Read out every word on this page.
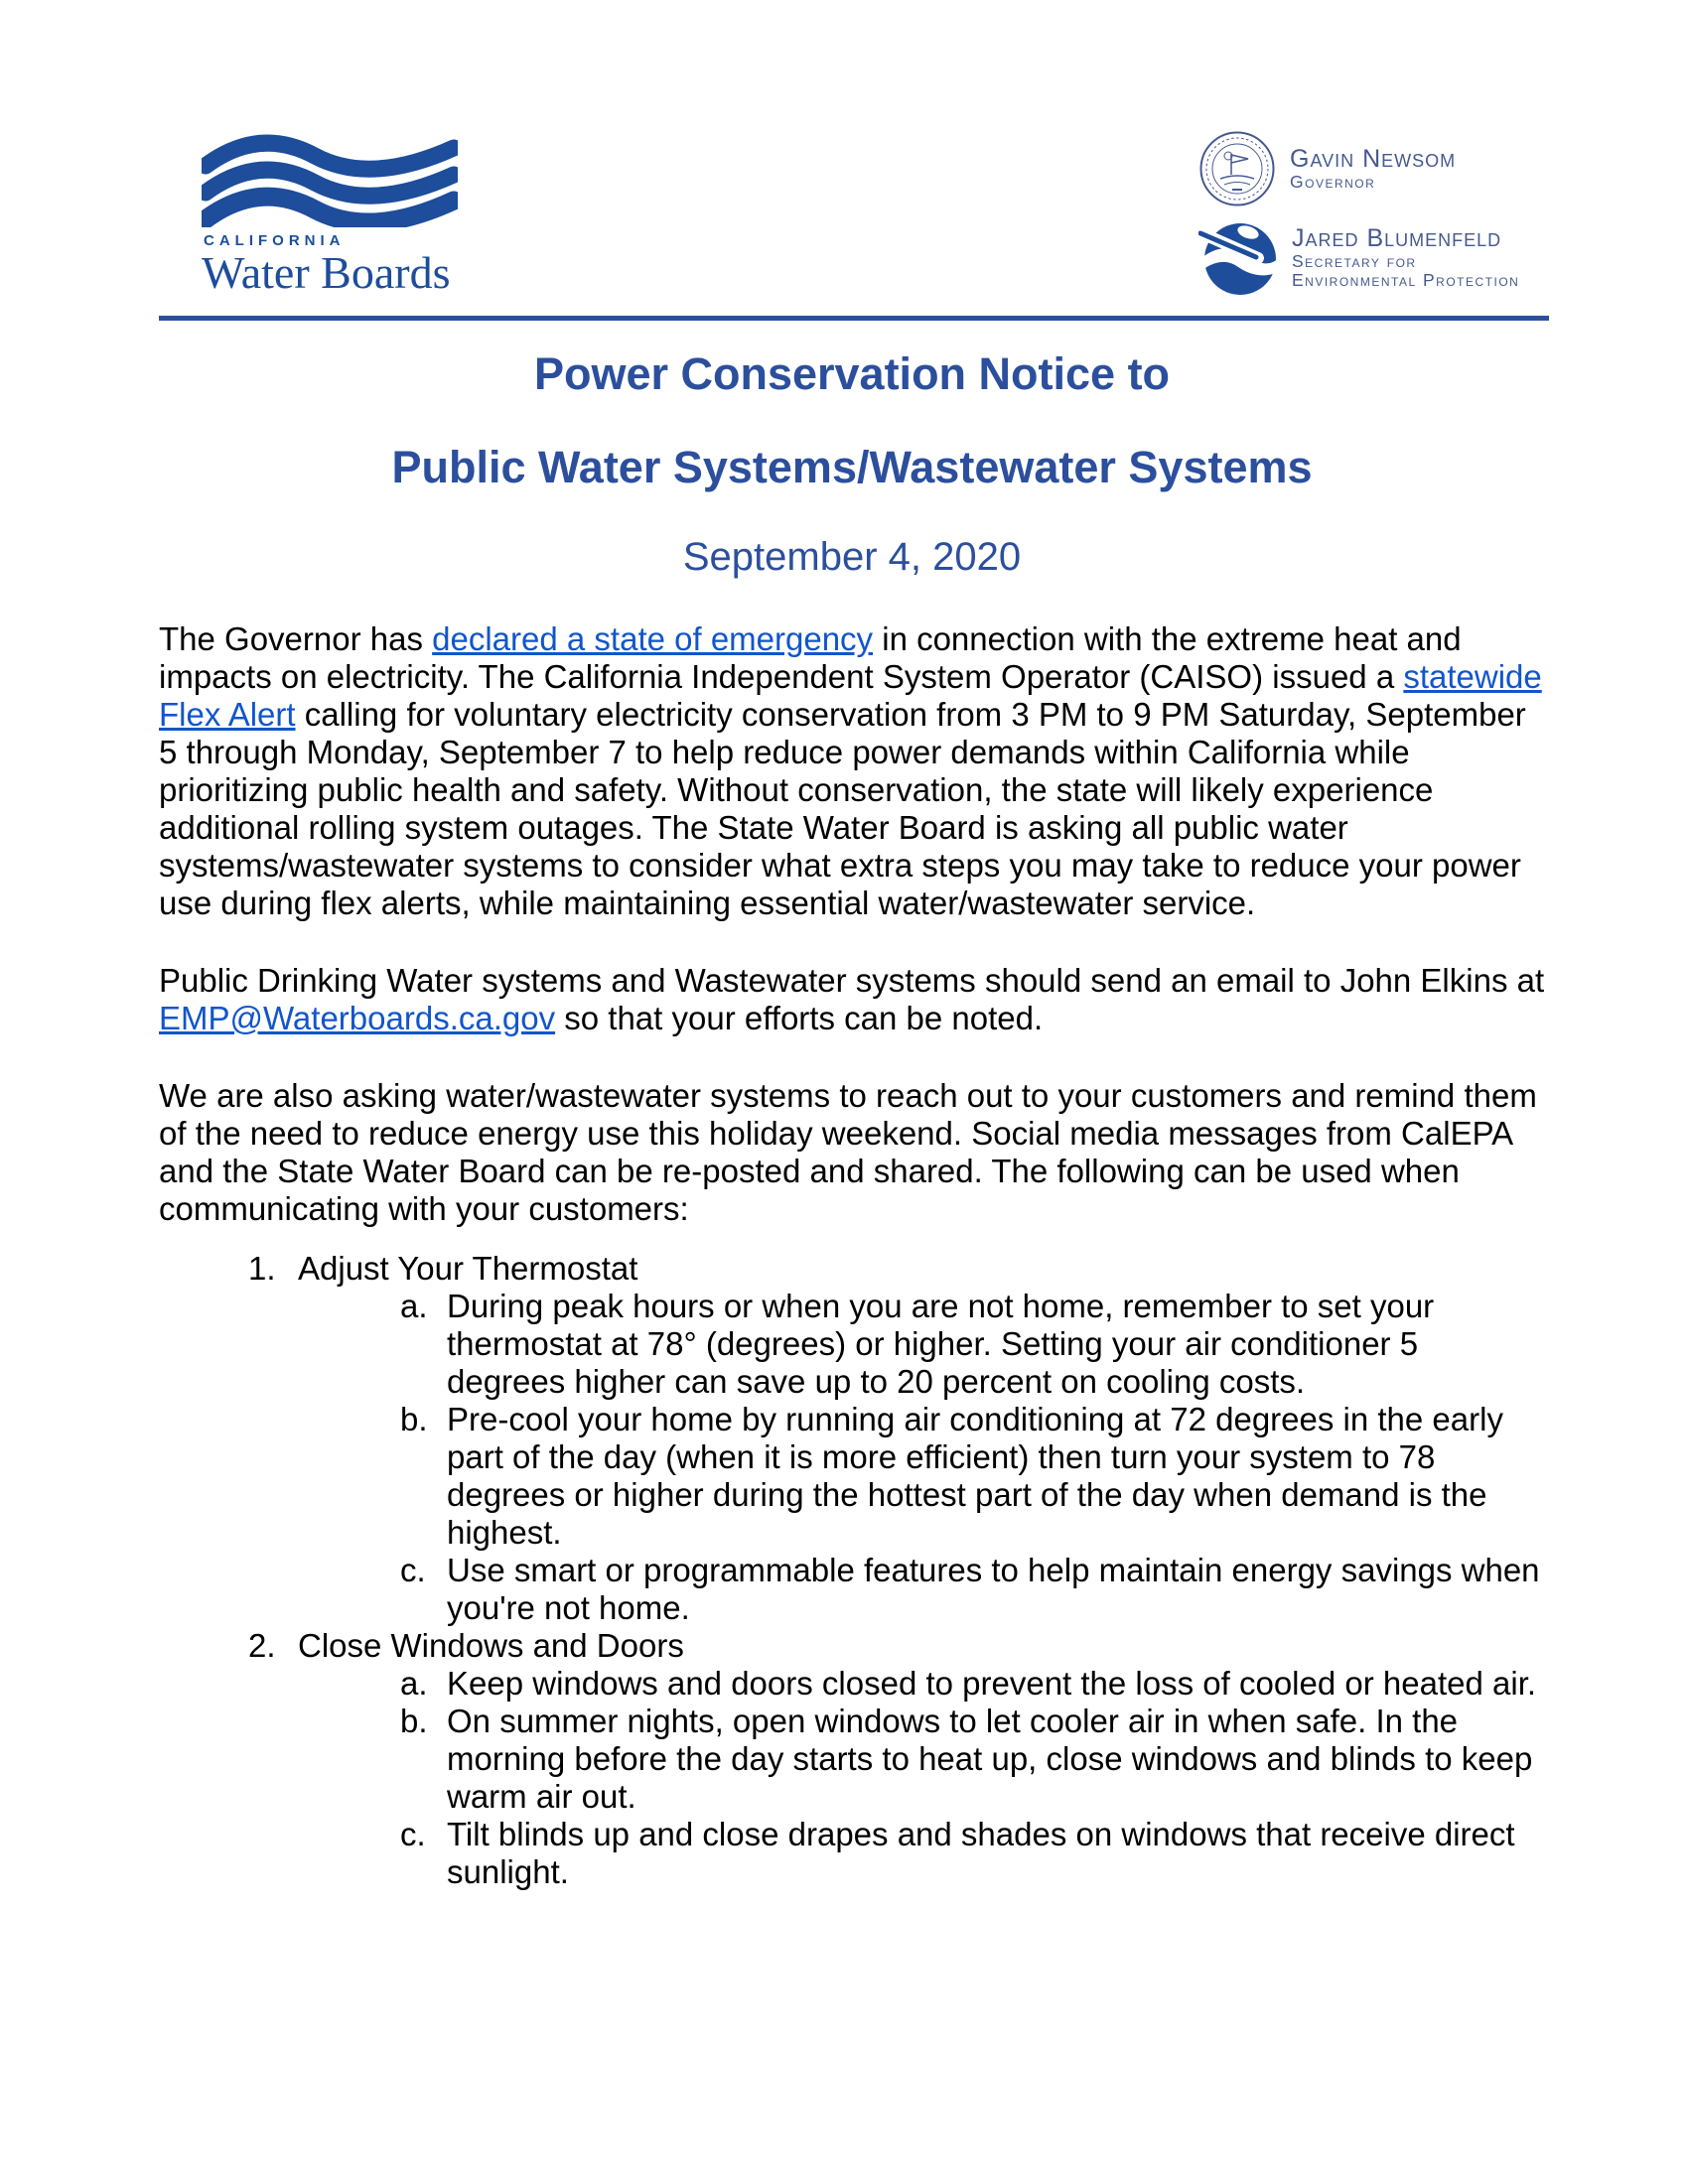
CALIFORNIA
Water Boards
Gavin Newsom
Governor
Jared Blumenfeld
Secretary for
Environmental Protection
Power Conservation Notice to
Public Water Systems/Wastewater Systems
September 4, 2020

The Governor has declared a state of emergency in connection with the extreme heat and impacts on electricity. The California Independent System Operator (CAISO) issued a statewide Flex Alert calling for voluntary electricity conservation from 3 PM to 9 PM Saturday, September 5 through Monday, September 7 to help reduce power demands within California while prioritizing public health and safety. Without conservation, the state will likely experience additional rolling system outages. The State Water Board is asking all public water systems/wastewater systems to consider what extra steps you may take to reduce your power use during flex alerts, while maintaining essential water/wastewater service.

Public Drinking Water systems and Wastewater systems should send an email to John Elkins at EMP@Waterboards.ca.gov so that your efforts can be noted.

We are also asking water/wastewater systems to reach out to your customers and remind them of the need to reduce energy use this holiday weekend. Social media messages from CalEPA and the State Water Board can be re-posted and shared. The following can be used when communicating with your customers:

1. Adjust Your Thermostat
a. During peak hours or when you are not home, remember to set your thermostat at 78° (degrees) or higher. Setting your air conditioner 5 degrees higher can save up to 20 percent on cooling costs.
b. Pre-cool your home by running air conditioning at 72 degrees in the early part of the day (when it is more efficient) then turn your system to 78 degrees or higher during the hottest part of the day when demand is the highest.
c. Use smart or programmable features to help maintain energy savings when you're not home.
2. Close Windows and Doors
a. Keep windows and doors closed to prevent the loss of cooled or heated air.
b. On summer nights, open windows to let cooler air in when safe. In the morning before the day starts to heat up, close windows and blinds to keep warm air out.
c. Tilt blinds up and close drapes and shades on windows that receive direct sunlight.
